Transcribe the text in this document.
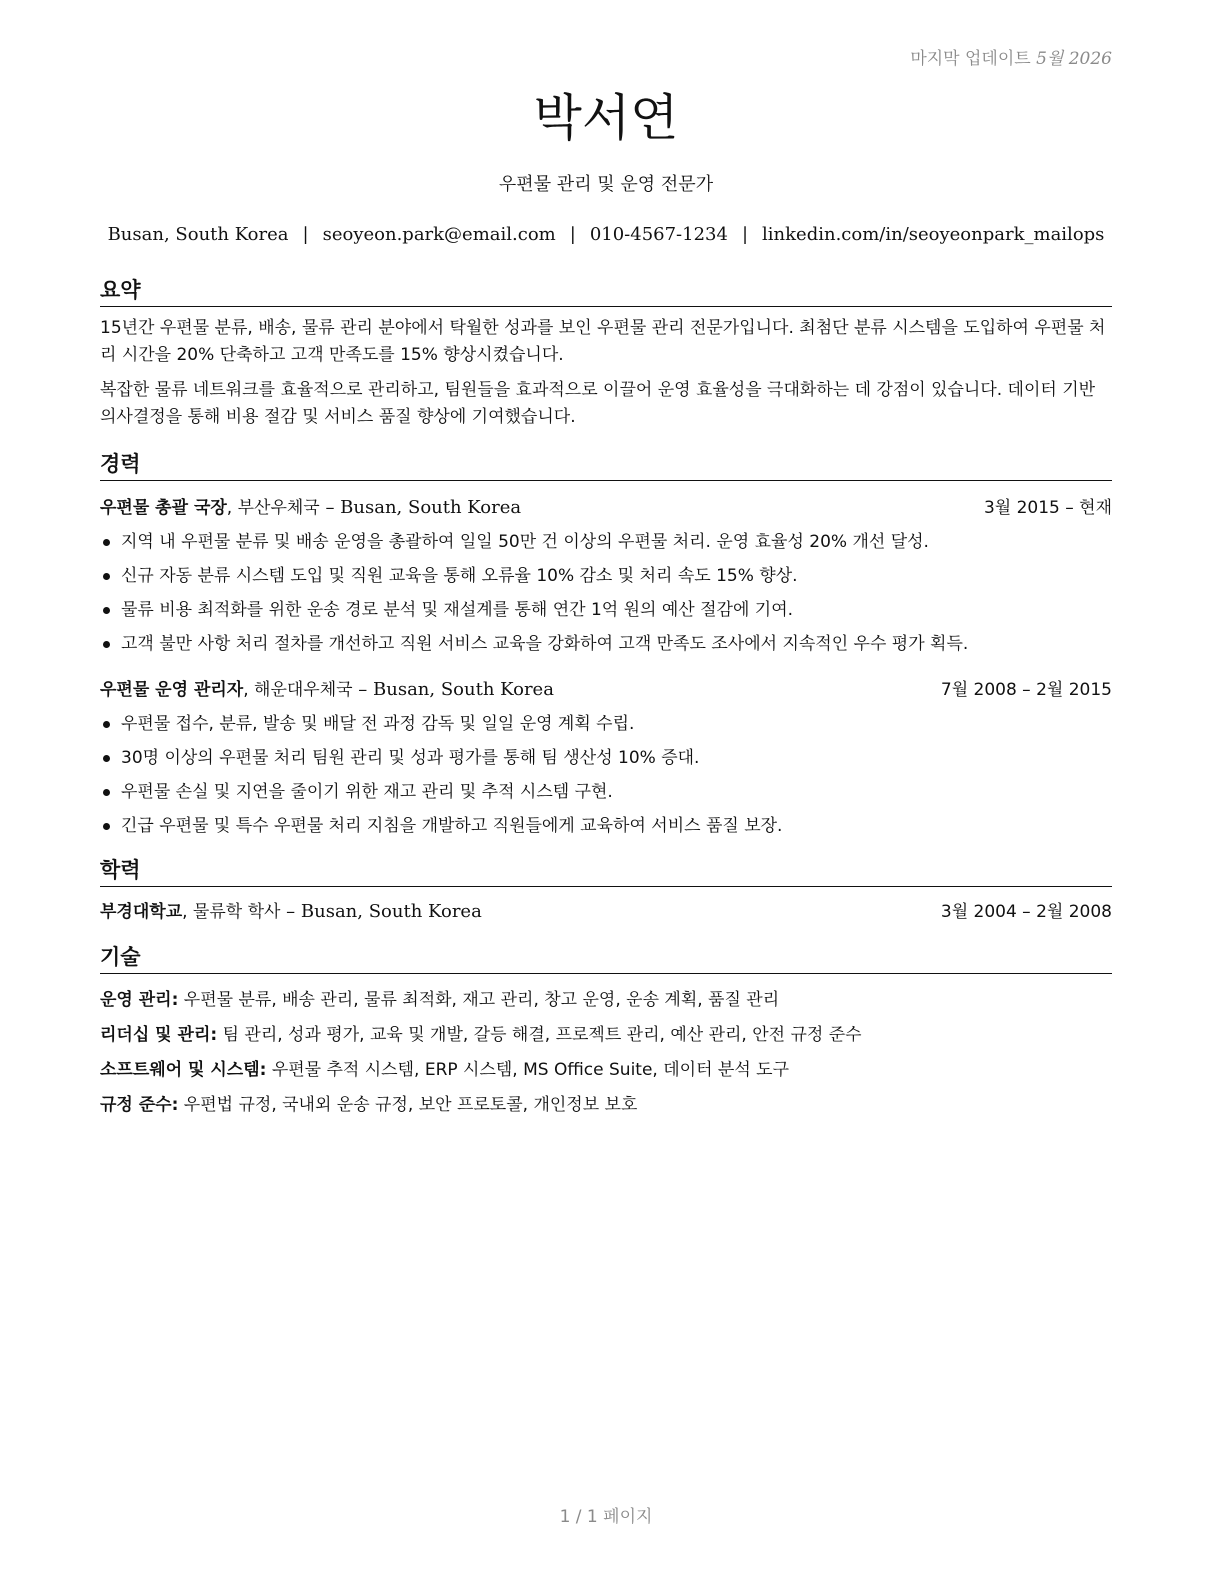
마지막 업데이트 5월 2026
박서연
우편물 관리 및 운영 전문가
Busan, South Korea | seoyeon.park@email.com | 010-4567-1234 | linkedin.com/in/seoyeonpark_mailops
요약

15년간 우편물 분류, 배송, 물류 관리 분야에서 탁월한 성과를 보인 우편물 관리 전문가입니다. 최첨단 분류 시스템을 도입하여 우편물 처리 시간을 20% 단축하고 고객 만족도를 15% 향상시켰습니다.

복잡한 물류 네트워크를 효율적으로 관리하고, 팀원들을 효과적으로 이끌어 운영 효율성을 극대화하는 데 강점이 있습니다. 데이터 기반 의사결정을 통해 비용 절감 및 서비스 품질 향상에 기여했습니다.

경력
우편물 총괄 국장, 부산우체국 – Busan, South Korea	3월 2015 – 현재
지역 내 우편물 분류 및 배송 운영을 총괄하여 일일 50만 건 이상의 우편물 처리. 운영 효율성 20% 개선 달성.
신규 자동 분류 시스템 도입 및 직원 교육을 통해 오류율 10% 감소 및 처리 속도 15% 향상.
물류 비용 최적화를 위한 운송 경로 분석 및 재설계를 통해 연간 1억 원의 예산 절감에 기여.
고객 불만 사항 처리 절차를 개선하고 직원 서비스 교육을 강화하여 고객 만족도 조사에서 지속적인 우수 평가 획득.
우편물 운영 관리자, 해운대우체국 – Busan, South Korea	7월 2008 – 2월 2015
우편물 접수, 분류, 발송 및 배달 전 과정 감독 및 일일 운영 계획 수립.
30명 이상의 우편물 처리 팀원 관리 및 성과 평가를 통해 팀 생산성 10% 증대.
우편물 손실 및 지연을 줄이기 위한 재고 관리 및 추적 시스템 구현.
긴급 우편물 및 특수 우편물 처리 지침을 개발하고 직원들에게 교육하여 서비스 품질 보장.
학력
부경대학교, 물류학 학사 – Busan, South Korea	3월 2004 – 2월 2008
기술
운영 관리: 우편물 분류, 배송 관리, 물류 최적화, 재고 관리, 창고 운영, 운송 계획, 품질 관리
리더십 및 관리: 팀 관리, 성과 평가, 교육 및 개발, 갈등 해결, 프로젝트 관리, 예산 관리, 안전 규정 준수
소프트웨어 및 시스템: 우편물 추적 시스템, ERP 시스템, MS Office Suite, 데이터 분석 도구
규정 준수: 우편법 규정, 국내외 운송 규정, 보안 프로토콜, 개인정보 보호
1 / 1 페이지
